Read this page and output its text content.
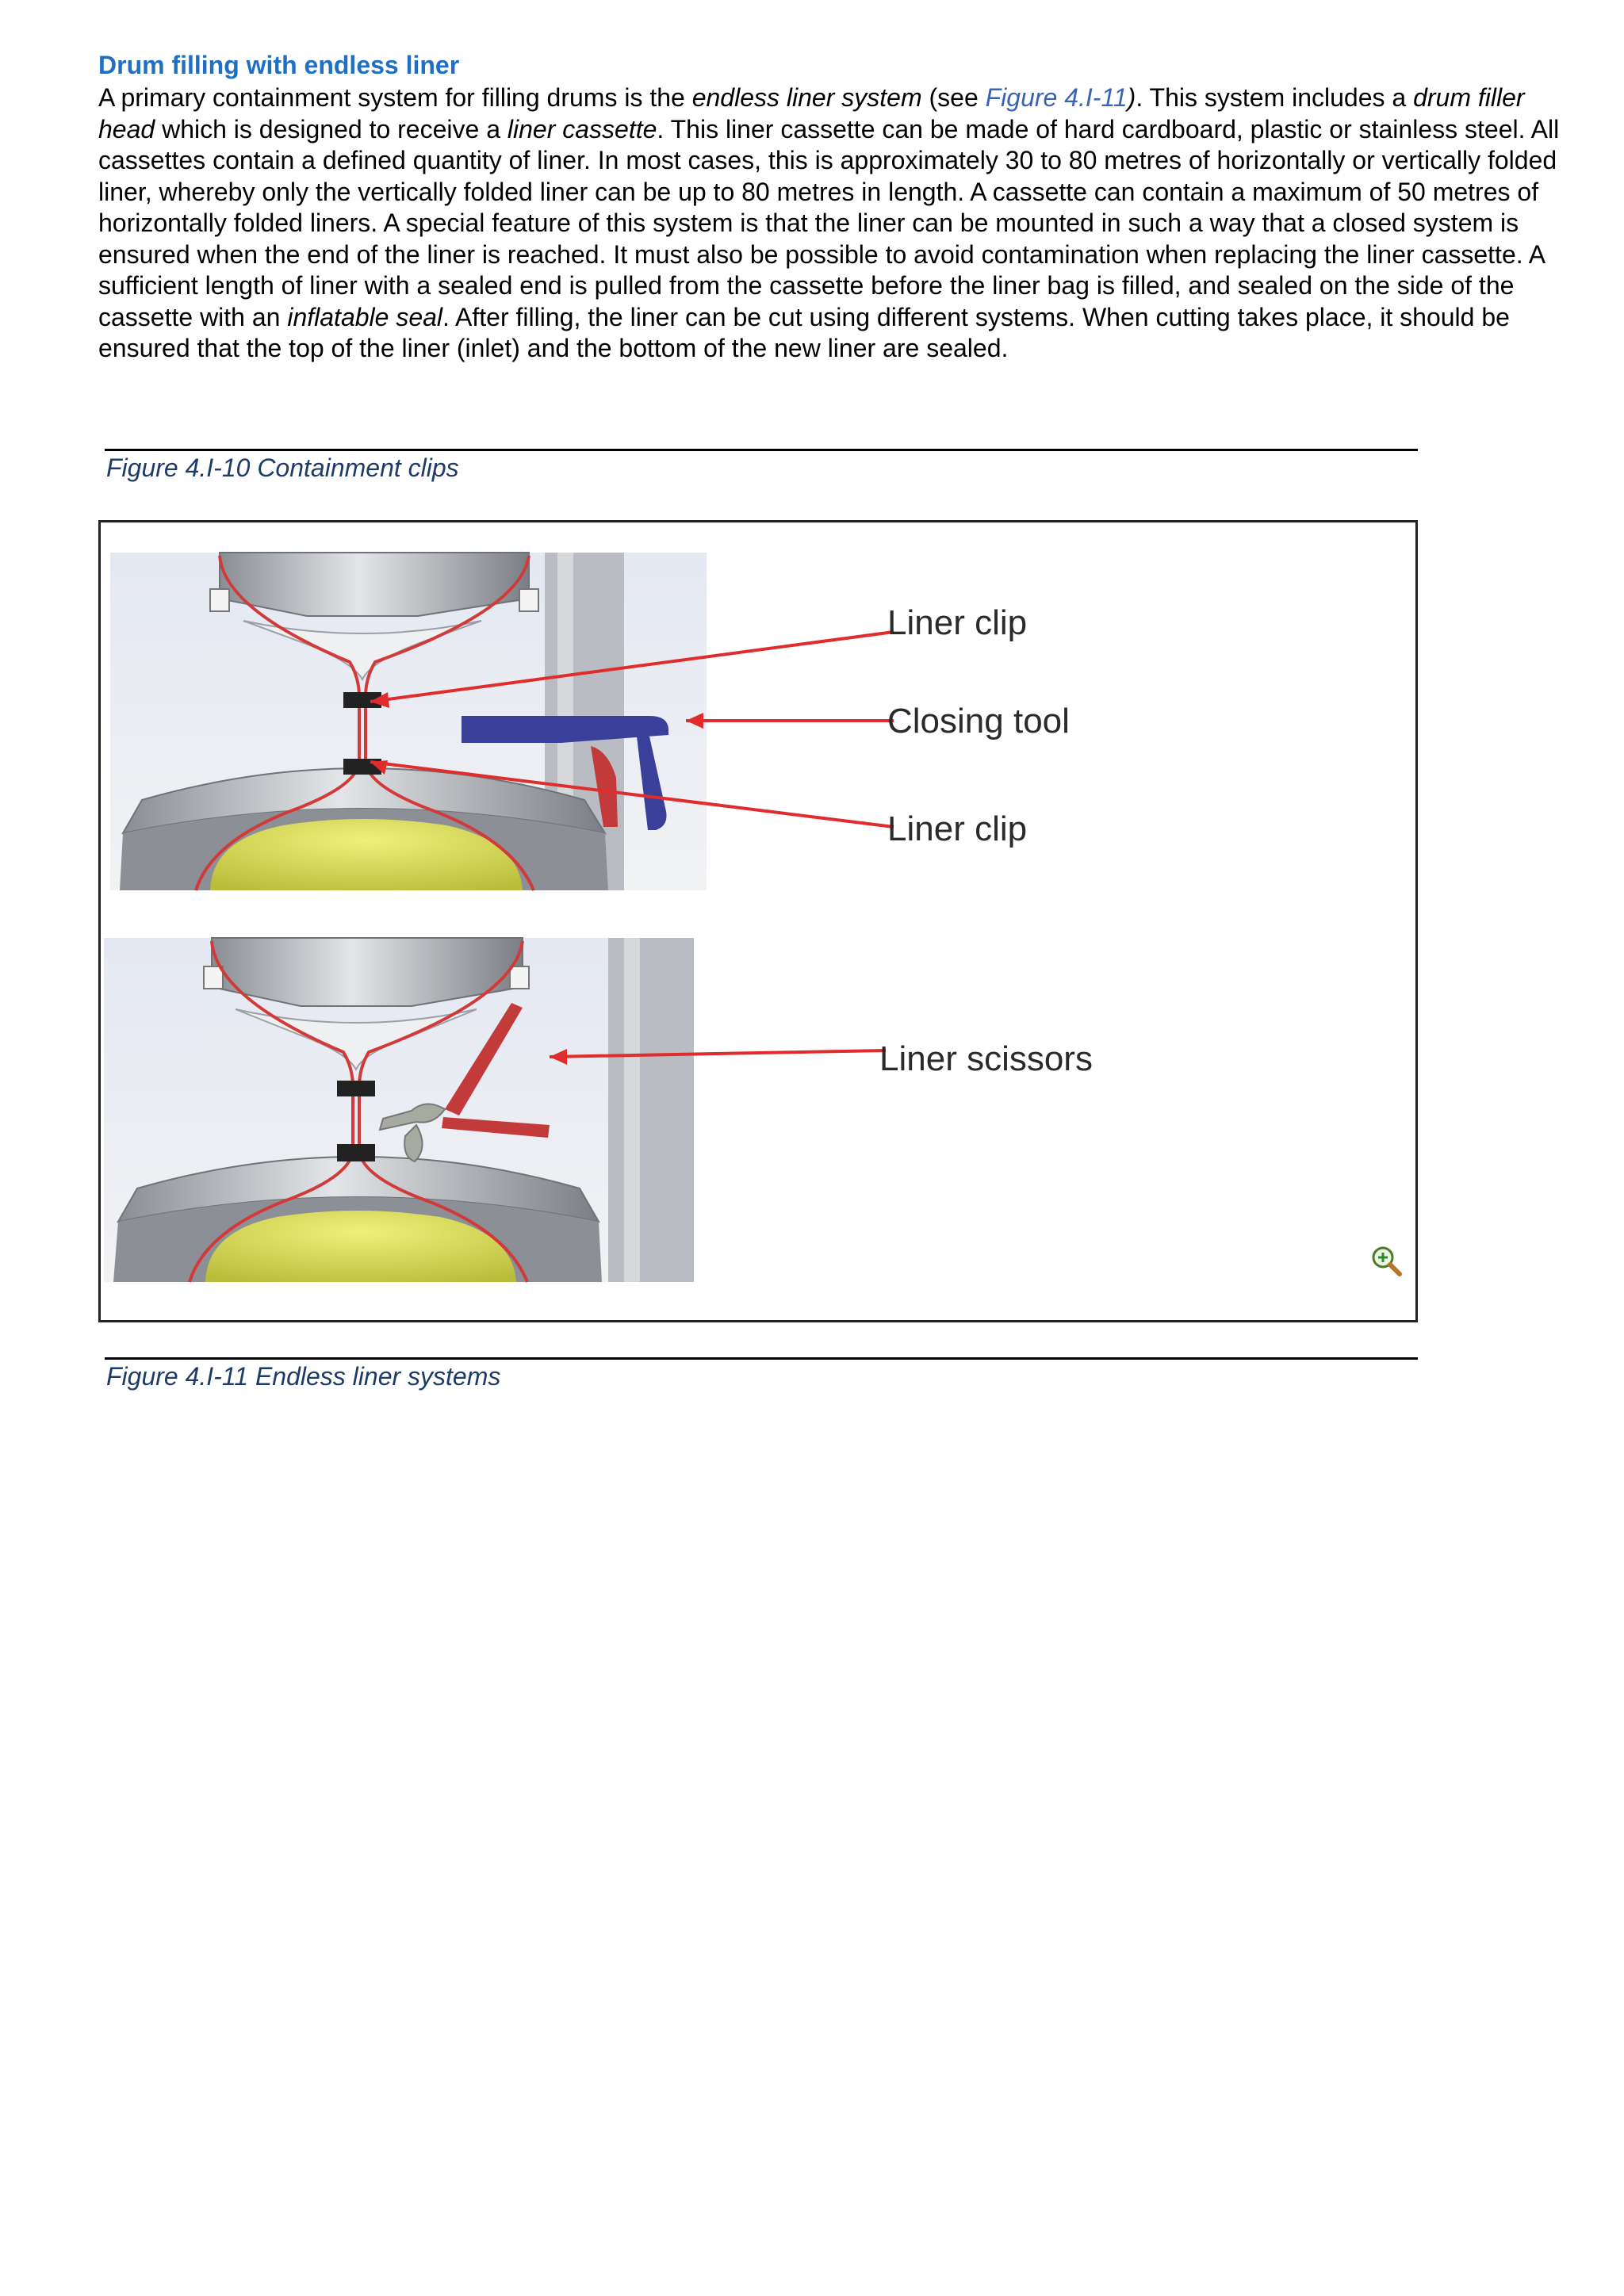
Drum filling with endless liner

A primary containment system for filling drums is the endless liner system (see Figure 4.I-11). This system includes a drum filler head which is designed to receive a liner cassette. This liner cassette can be made of hard cardboard, plastic or stainless steel. All cassettes contain a defined quantity of liner. In most cases, this is approximately 30 to 80 metres of horizontally or vertically folded liner, whereby only the vertically folded liner can be up to 80 metres in length. A cassette can contain a maximum of 50 metres of horizontally folded liners. A special feature of this system is that the liner can be mounted in such a way that a closed system is ensured when the end of the liner is reached. It must also be possible to avoid contamination when replacing the liner cassette. A sufficient length of liner with a sealed end is pulled from the cassette before the liner bag is filled, and sealed on the side of the cassette with an inflatable seal. After filling, the liner can be cut using different systems. When cutting takes place, it should be ensured that the top of the liner (inlet) and the bottom of the new liner are sealed.

Figure 4.I-10 Containment clips

Liner clip

Closing tool

Liner clip

Liner scissors

Figure 4.I-11 Endless liner systems
